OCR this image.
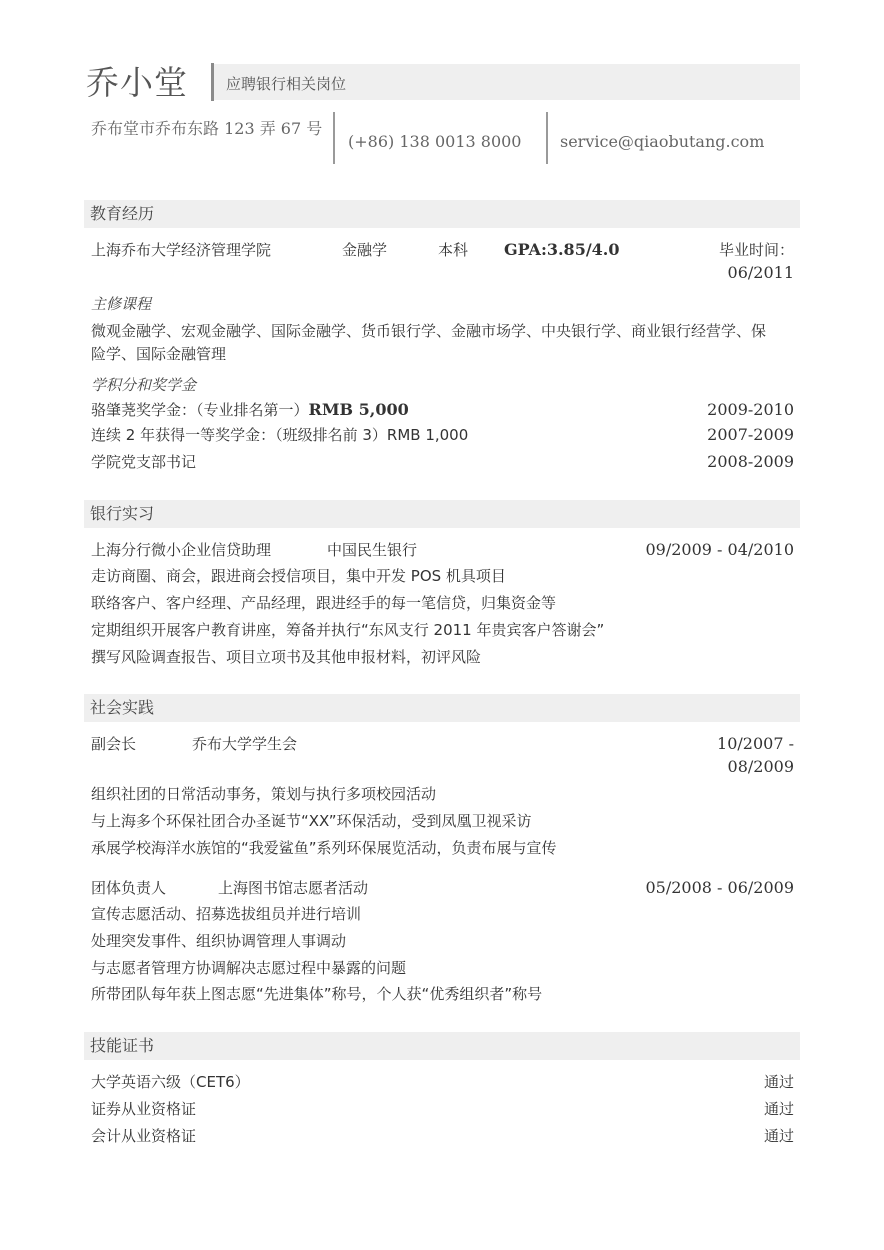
乔小堂	应聘银行相关岗位
乔布堂市乔布东路 123 弄 67 号
(+86) 138 0013 8000 service@qiaobutang.com
教育经历
上海乔布大学经济管理学院	金融学	本科 GPA:3.85/4.0	毕业时间：
06/2011
主修课程
微观金融学、宏观金融学、国际金融学、货币银行学、金融市场学、中央银行学、商业银行经营学、保
险学、国际金融管理
学积分和奖学金
骆肇荛奖学金：（专业排名第一）RMB 5,000	2009-2010
连续 2 年获得一等奖学金：（班级排名前 3）RMB 1,000	2007-2009
学院党支部书记	2008-2009
银行实习
上海分行微小企业信贷助理	中国民生银行	09/2009 - 04/2010
走访商圈、商会，跟进商会授信项目，集中开发 POS 机具项目
联络客户、客户经理、产品经理，跟进经手的每一笔信贷，归集资金等
定期组织开展客户教育讲座，筹备并执行“东风支行 2011 年贵宾客户答谢会”
撰写风险调查报告、项目立项书及其他申报材料，初评风险
社会实践
副会长	乔布大学学生会	10/2007 -
08/2009
组织社团的日常活动事务，策划与执行多项校园活动
与上海多个环保社团合办圣诞节“XX”环保活动，受到凤凰卫视采访
承展学校海洋水族馆的“我爱鲨鱼”系列环保展览活动，负责布展与宣传
团体负责人	上海图书馆志愿者活动	05/2008 - 06/2009
宣传志愿活动、招募选拔组员并进行培训
处理突发事件、组织协调管理人事调动
与志愿者管理方协调解决志愿过程中暴露的问题
所带团队每年获上图志愿“先进集体”称号，个人获“优秀组织者”称号
技能证书
大学英语六级（CET6）	通过
证券从业资格证	通过
会计从业资格证	通过
